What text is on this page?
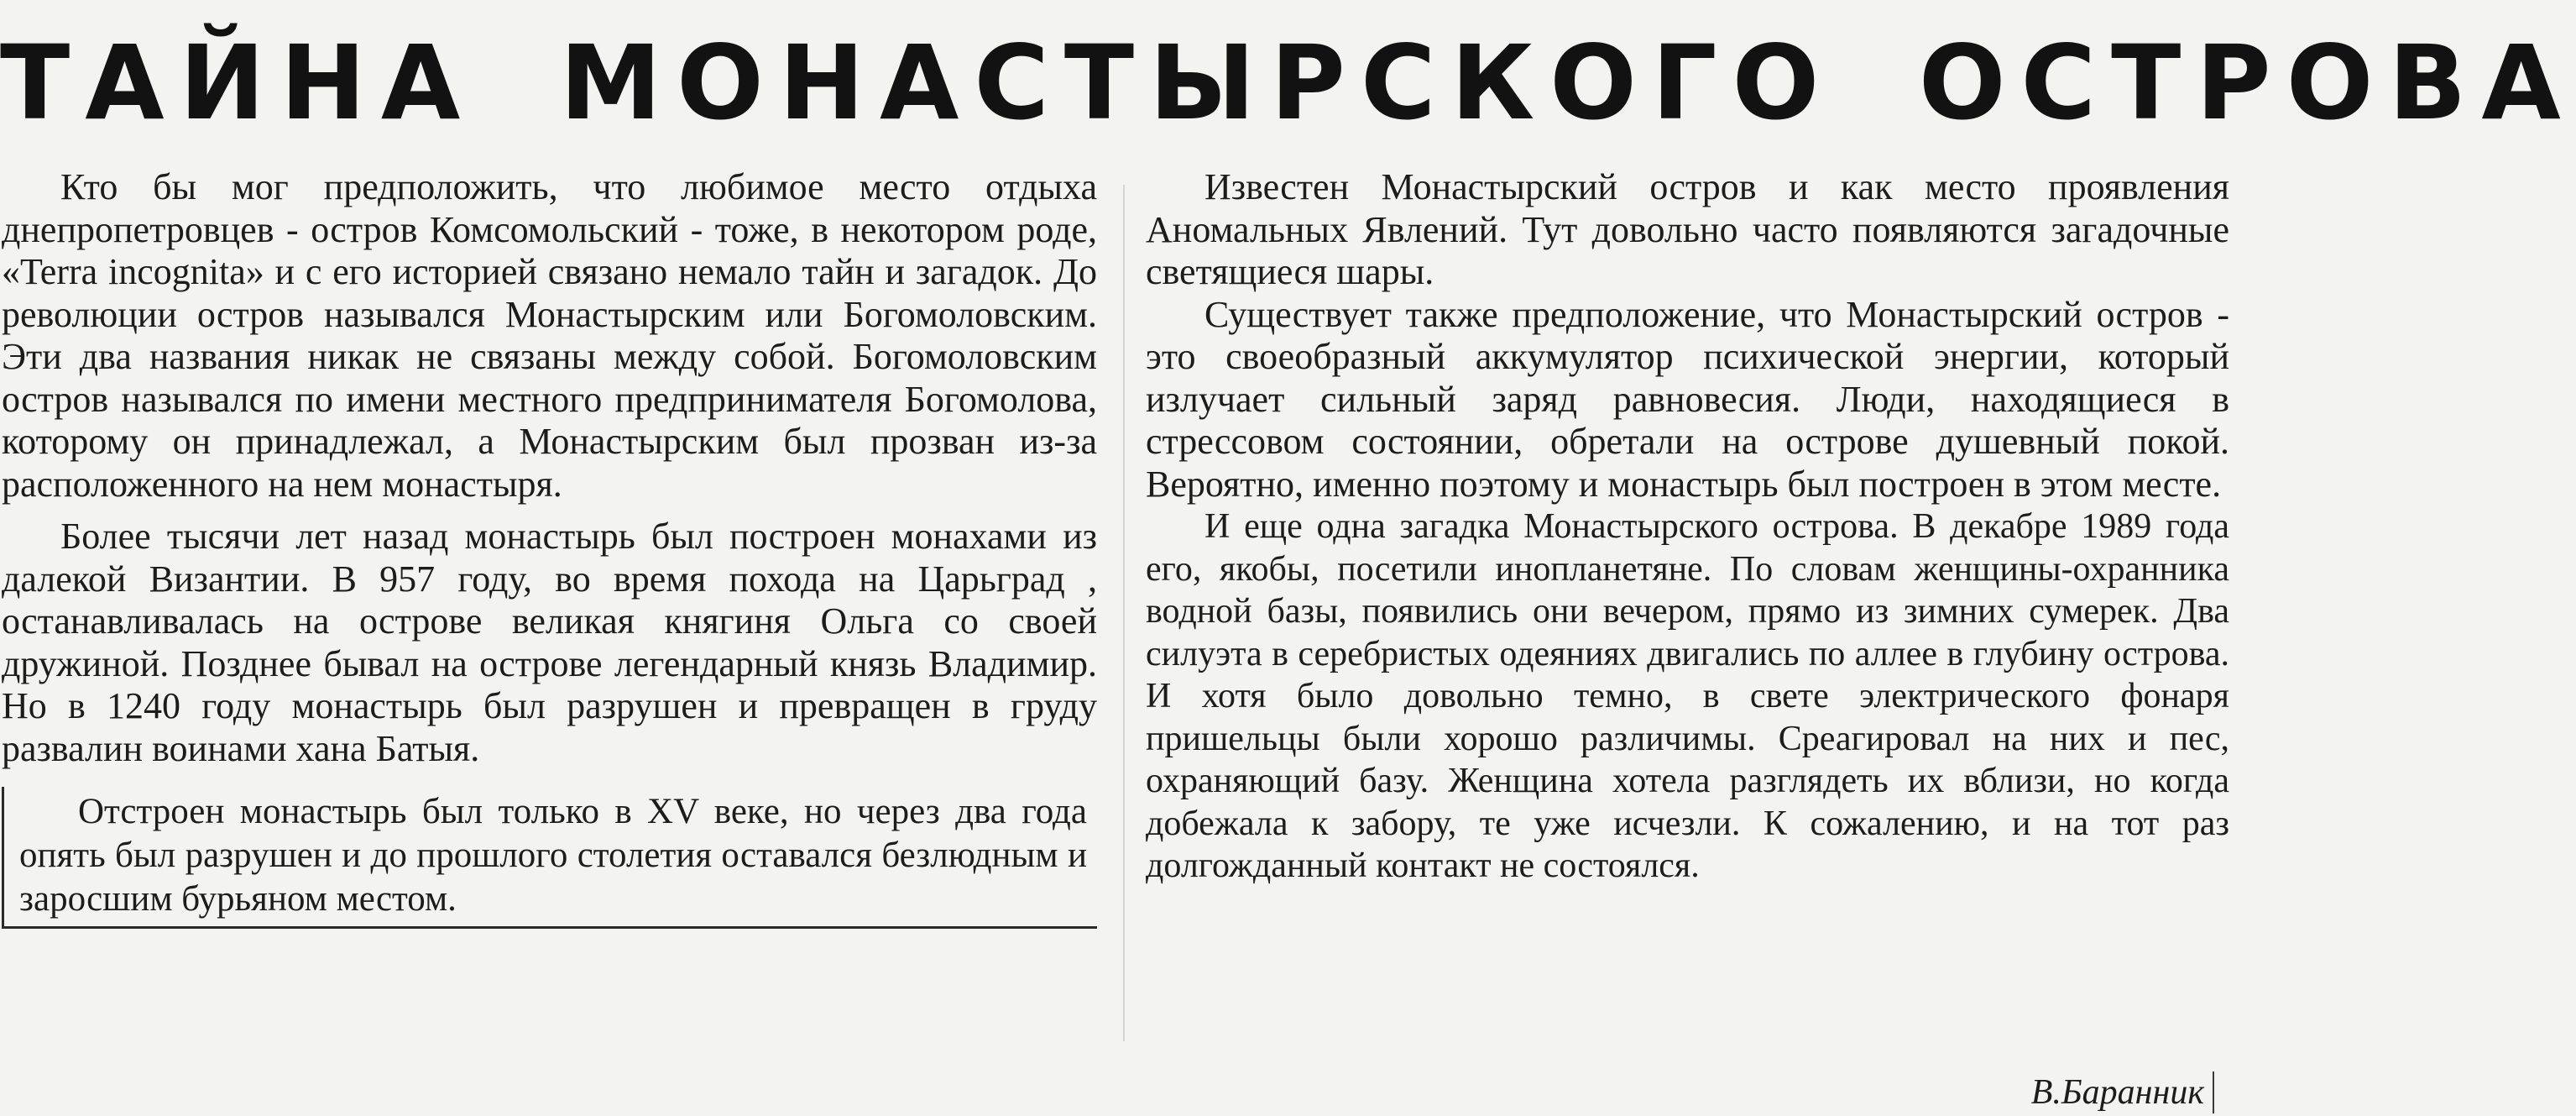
ТАЙНА МОНАСТЫРСКОГО ОСТРОВА

Кто бы мог предположить, что любимое место отдыха днепропетровцев - остров Комсомольский - тоже, в некотором роде, «Terra incognita» и с его историей связано немало тайн и загадок. До революции остров назывался Монастырским или Богомоловским. Эти два названия никак не связаны между собой. Богомоловским остров назывался по имени местного предпринимателя Богомолова, которому он принадлежал, а Монастырским был прозван из-за расположенного на нем монастыря.

Более тысячи лет назад монастырь был построен монахами из далекой Византии. В 957 году, во время похода на Царьград , останавливалась на острове великая княгиня Ольга со своей дружиной. Позднее бывал на острове легендарный князь Владимир. Но в 1240 году монастырь был разрушен и превращен в груду развалин воинами хана Батыя.

Отстроен монастырь был только в XV веке, но через два года опять был разрушен и до прошлого столетия оставался безлюдным и заросшим бурьяном местом.

Известен Монастырский остров и как место проявления Аномальных Явлений. Тут довольно часто появляются загадочные светящиеся шары.

Существует также предположение, что Монастырский остров - это своеобразный аккумулятор психической энергии, который излучает сильный заряд равновесия. Люди, находящиеся в стрессовом состоянии, обретали на острове душевный покой. Вероятно, именно поэтому и монастырь был построен в этом месте.

И еще одна загадка Монастырского острова. В декабре 1989 года его, якобы, посетили инопланетяне. По словам женщины-охранника водной базы, появились они вечером, прямо из зимних сумерек. Два силуэта в серебристых одеяниях двигались по аллее в глубину острова. И хотя было довольно темно, в свете электрического фонаря пришельцы были хорошо различимы. Среагировал на них и пес, охраняющий базу. Женщина хотела разглядеть их вблизи, но когда добежала к забору, те уже исчезли. К сожалению, и на тот раз долгожданный контакт не состоялся.

В.Баранник
